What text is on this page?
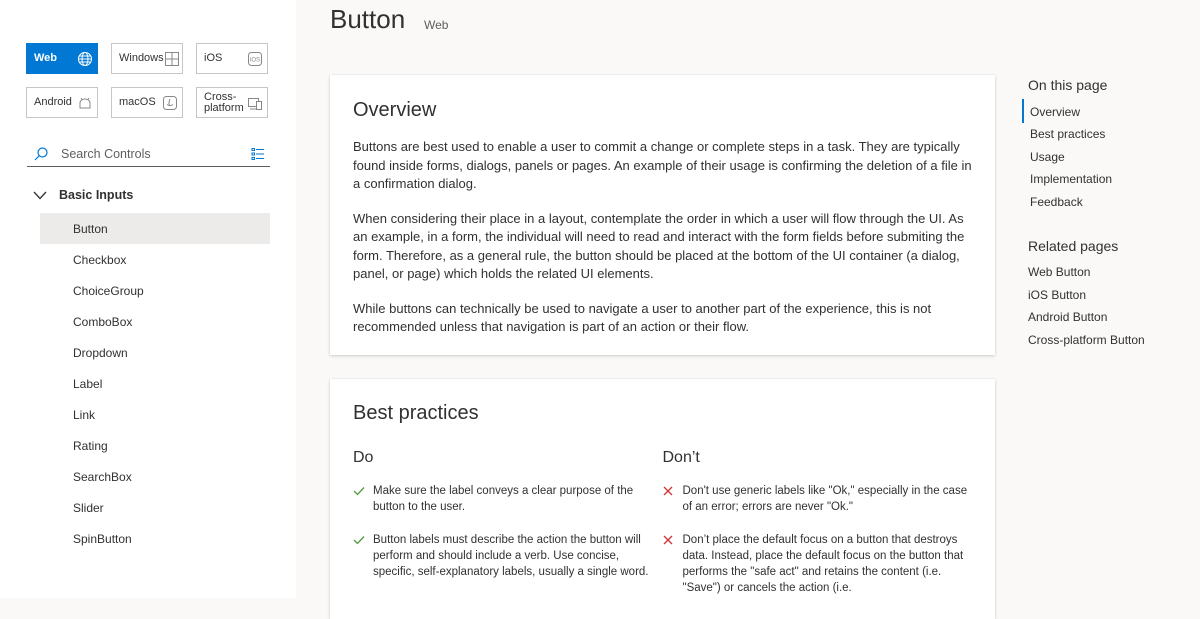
Web	Windows	iOS	iOS
Android	macOS	Cross-platform
Search Controls
Basic Inputs
Button
Checkbox
ChoiceGroup
ComboBox
Dropdown
Label
Link
Rating
SearchBox
Slider
SpinButton
Button Web
Overview

Buttons are best used to enable a user to commit a change or complete steps in a task. They are typically found inside forms, dialogs, panels or pages. An example of their usage is confirming the deletion of a file in a confirmation dialog.

When considering their place in a layout, contemplate the order in which a user will flow through the UI. As an example, in a form, the individual will need to read and interact with the form fields before submiting the form. Therefore, as a general rule, the button should be placed at the bottom of the UI container (a dialog, panel, or page) which holds the related UI elements.

While buttons can technically be used to navigate a user to another part of the experience, this is not recommended unless that navigation is part of an action or their flow.

Best practices
Do
Make sure the label conveys a clear purpose of the button to the user.
Button labels must describe the action the button will perform and should include a verb. Use concise, specific, self-explanatory labels, usually a single word.
Don’t
Don't use generic labels like "Ok," especially in the case of an error; errors are never "Ok."
Don’t place the default focus on a button that destroys data. Instead, place the default focus on the button that performs the "safe act" and retains the content (i.e. "Save") or cancels the action (i.e.
On this page
Overview
Best practices
Usage
Implementation
Feedback
Related pages
Web Button
iOS Button
Android Button
Cross-platform Button
